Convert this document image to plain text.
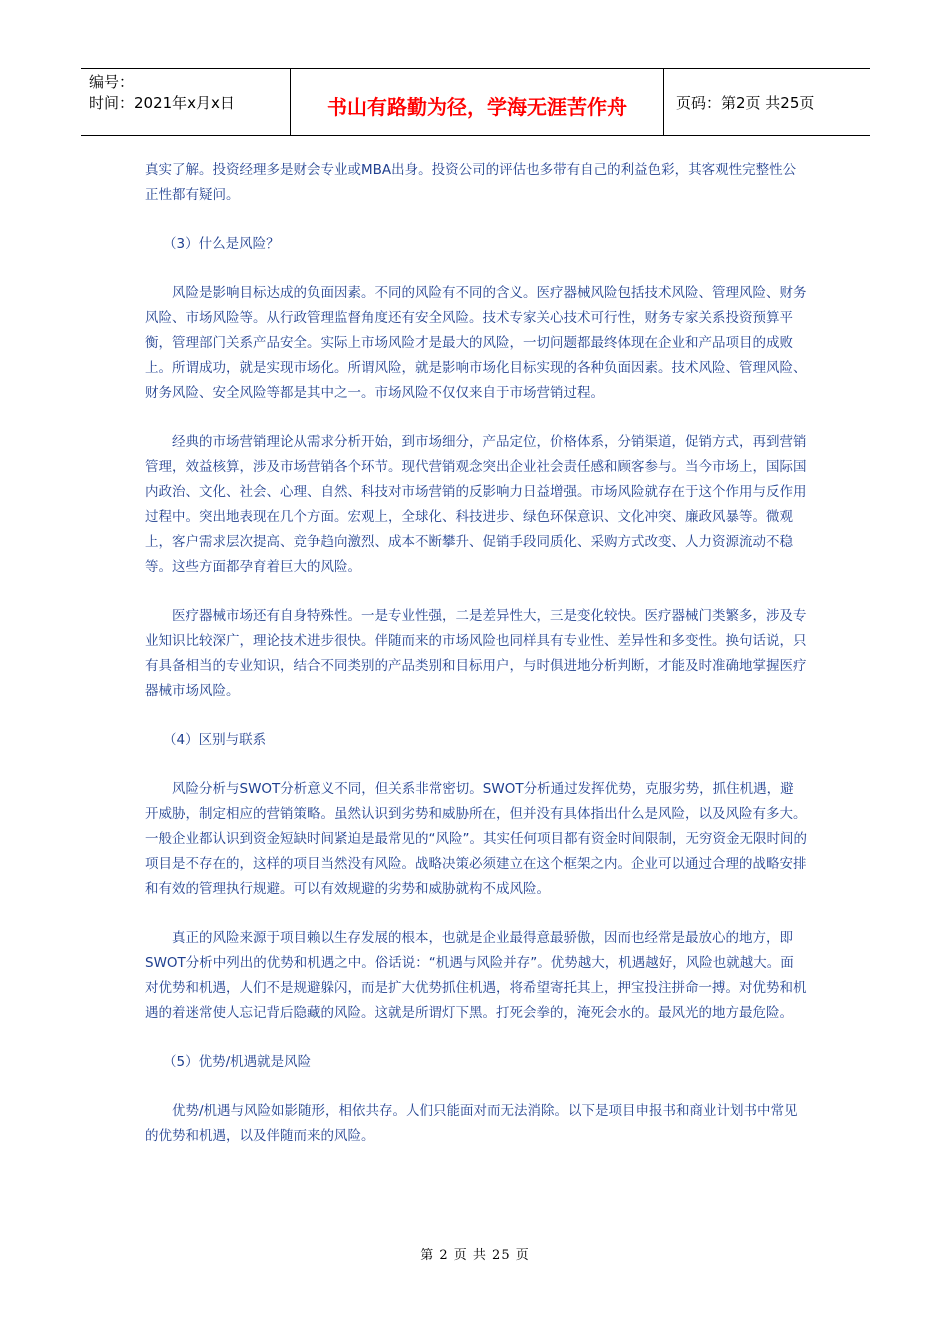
编号：
时间：2021年x月x日	书山有路勤为径，学海无涯苦作舟	页码：第2页 共25页

真实了解。投资经理多是财会专业或MBA出身。投资公司的评估也多带有自己的利益色彩，其客观性完整性公正性都有疑问。

（3）什么是风险？

风险是影响目标达成的负面因素。不同的风险有不同的含义。医疗器械风险包括技术风险、管理风险、财务风险、市场风险等。从行政管理监督角度还有安全风险。技术专家关心技术可行性，财务专家关系投资预算平衡，管理部门关系产品安全。实际上市场风险才是最大的风险，一切问题都最终体现在企业和产品项目的成败上。所谓成功，就是实现市场化。所谓风险，就是影响市场化目标实现的各种负面因素。技术风险、管理风险、财务风险、安全风险等都是其中之一。市场风险不仅仅来自于市场营销过程。

经典的市场营销理论从需求分析开始，到市场细分，产品定位，价格体系，分销渠道，促销方式，再到营销管理，效益核算，涉及市场营销各个环节。现代营销观念突出企业社会责任感和顾客参与。当今市场上，国际国内政治、文化、社会、心理、自然、科技对市场营销的反影响力日益增强。市场风险就存在于这个作用与反作用过程中。突出地表现在几个方面。宏观上，全球化、科技进步、绿色环保意识、文化冲突、廉政风暴等。微观上，客户需求层次提高、竞争趋向激烈、成本不断攀升、促销手段同质化、采购方式改变、人力资源流动不稳等。这些方面都孕育着巨大的风险。

医疗器械市场还有自身特殊性。一是专业性强，二是差异性大，三是变化较快。医疗器械门类繁多，涉及专业知识比较深广，理论技术进步很快。伴随而来的市场风险也同样具有专业性、差异性和多变性。换句话说，只有具备相当的专业知识，结合不同类别的产品类别和目标用户，与时俱进地分析判断，才能及时准确地掌握医疗器械市场风险。

（4）区别与联系

风险分析与SWOT分析意义不同，但关系非常密切。SWOT分析通过发挥优势，克服劣势，抓住机遇，避开威胁，制定相应的营销策略。虽然认识到劣势和威胁所在，但并没有具体指出什么是风险，以及风险有多大。一般企业都认识到资金短缺时间紧迫是最常见的“风险”。其实任何项目都有资金时间限制，无穷资金无限时间的项目是不存在的，这样的项目当然没有风险。战略决策必须建立在这个框架之内。企业可以通过合理的战略安排和有效的管理执行规避。可以有效规避的劣势和威胁就构不成风险。

真正的风险来源于项目赖以生存发展的根本，也就是企业最得意最骄傲，因而也经常是最放心的地方，即SWOT分析中列出的优势和机遇之中。俗话说：“机遇与风险并存”。优势越大，机遇越好，风险也就越大。面对优势和机遇，人们不是规避躲闪，而是扩大优势抓住机遇，将希望寄托其上，押宝投注拼命一搏。对优势和机遇的着迷常使人忘记背后隐藏的风险。这就是所谓灯下黑。打死会拳的，淹死会水的。最风光的地方最危险。

（5）优势/机遇就是风险

优势/机遇与风险如影随形，相依共存。人们只能面对而无法消除。以下是项目申报书和商业计划书中常见的优势和机遇，以及伴随而来的风险。

第 2 页 共 25 页
